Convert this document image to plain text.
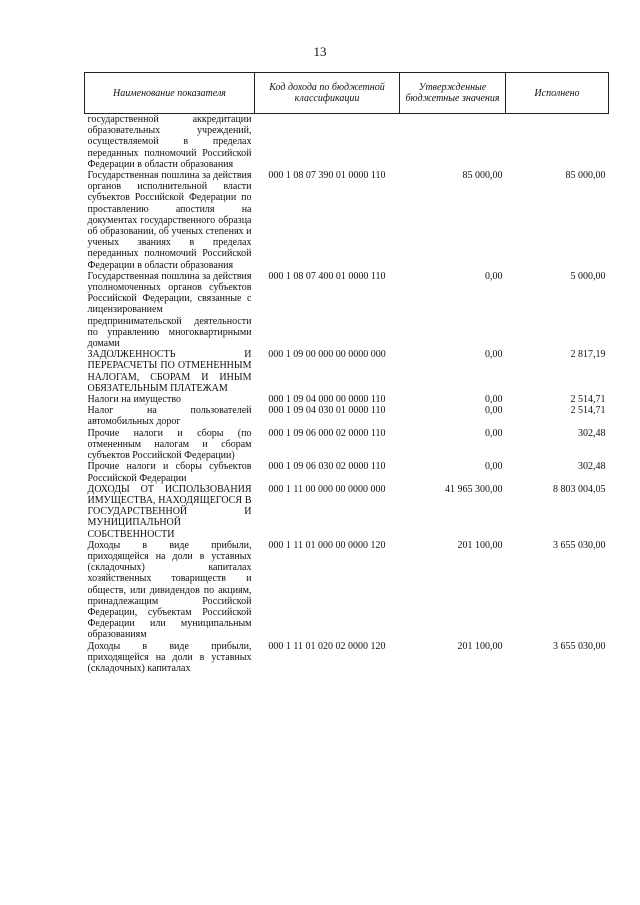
13
Наименование показателя	Код дохода по бюджетной классификации	Утвержденные бюджетные значения	Исполнено
государственной аккредитации образовательных учреждений, осуществляемой в пределах переданных полномочий Российской Федерации в области образования			
Государственная пошлина за действия органов исполнительной власти субъектов Российской Федерации по проставлению апостиля на документах государственного образца об образовании, об ученых степенях и ученых званиях в пределах переданных полномочий Российской Федерации в области образования	000 1 08 07 390 01 0000 110	85 000,00	85 000,00
Государственная пошлина за действия уполномоченных органов субъектов Российской Федерации, связанные с лицензированием предпринимательской деятельности по управлению многоквартирными домами	000 1 08 07 400 01 0000 110	0,00	5 000,00
ЗАДОЛЖЕННОСТЬ И ПЕРЕРАСЧЕТЫ ПО ОТМЕНЕННЫМ НАЛОГАМ, СБОРАМ И ИНЫМ ОБЯЗАТЕЛЬНЫМ ПЛАТЕЖАМ	000 1 09 00 000 00 0000 000	0,00	2 817,19
Налоги на имущество	000 1 09 04 000 00 0000 110	0,00	2 514,71
Налог на пользователей автомобильных дорог	000 1 09 04 030 01 0000 110	0,00	2 514,71
Прочие налоги и сборы (по отмененным налогам и сборам субъектов Российской Федерации)	000 1 09 06 000 02 0000 110	0,00	302,48
Прочие налоги и сборы субъектов Российской Федерации	000 1 09 06 030 02 0000 110	0,00	302,48
ДОХОДЫ ОТ ИСПОЛЬЗОВАНИЯ ИМУЩЕСТВА, НАХОДЯЩЕГОСЯ В ГОСУДАРСТВЕННОЙ И МУНИЦИПАЛЬНОЙ СОБСТВЕННОСТИ	000 1 11 00 000 00 0000 000	41 965 300,00	8 803 004,05
Доходы в виде прибыли, приходящейся на доли в уставных (складочных) капиталах хозяйственных товариществ и обществ, или дивидендов по акциям, принадлежащим Российской Федерации, субъектам Российской Федерации или муниципальным образованиям	000 1 11 01 000 00 0000 120	201 100,00	3 655 030,00
Доходы в виде прибыли, приходящейся на доли в уставных (складочных) капиталах	000 1 11 01 020 02 0000 120	201 100,00	3 655 030,00
